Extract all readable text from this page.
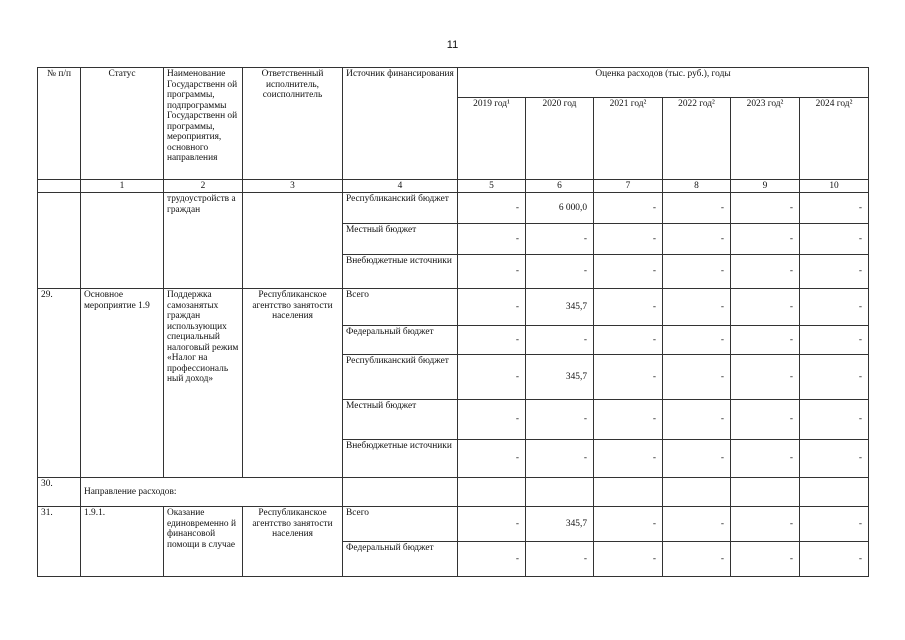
11
№ п/п	Статус	Наименование Государственн ой программы, подпрограммы Государственн ой программы, мероприятия, основного направления	Ответственный исполнитель, соисполнитель	Источник финансирования	Оценка расходов (тыс. руб.), годы					
					2019 год¹	2020 год	2021 год²	2022 год²	2023 год²	2024 год²
	1	2	3	4	5	6	7	8	9	10
		трудоустройств а граждан		Республиканский бюджет	-	6 000,0	-	-	-	-
				Местный бюджет	-	-	-	-	-	-
				Внебюджетные источники	-	-	-	-	-	-
29.	Основное мероприятие 1.9	Поддержка самозанятых граждан использующих специальный налоговый режим «Налог на профессиональ ный доход»	Республиканское агентство занятости населения	Всего	-	345,7	-	-	-	-
				Федеральный бюджет	-	-	-	-	-	-
				Республиканский бюджет	-	345,7	-	-	-	-
				Местный бюджет	-	-	-	-	-	-
				Внебюджетные источники	-	-	-	-	-	-
30.	Направление расходов:									
31.	1.9.1.	Оказание единовременно й финансовой помощи в случае	Республиканское агентство занятости населения	Всего	-	345,7	-	-	-	-
				Федеральный бюджет	-	-	-	-	-	-
